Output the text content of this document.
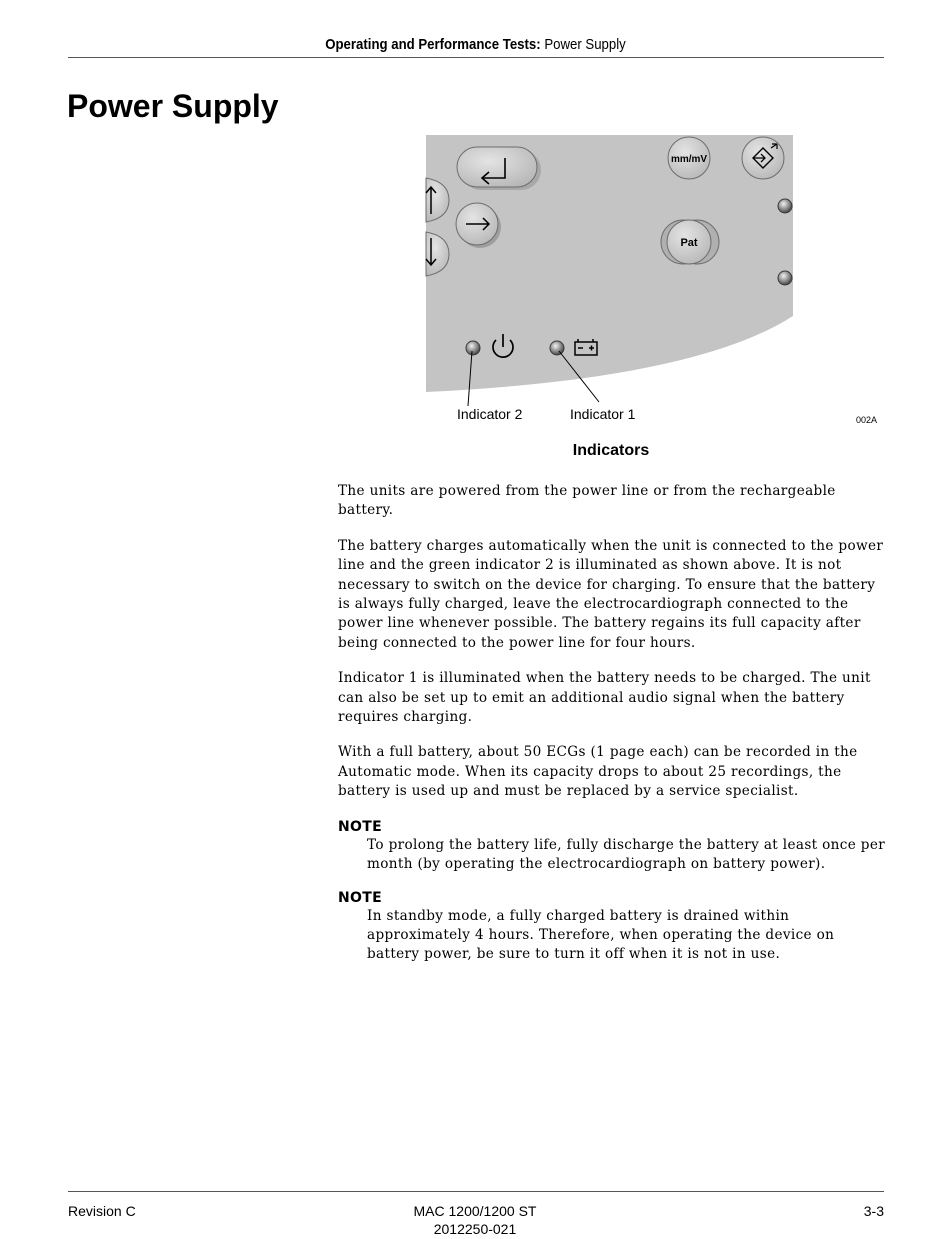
Operating and Performance Tests: Power Supply
Power Supply
mm/mV
Pat
Indicator 2	Indicator 1	002A
Indicators

The units are powered from the power line or from the rechargeable battery.

The battery charges automatically when the unit is connected to the power line and the green indicator 2 is illuminated as shown above. It is not necessary to switch on the device for charging. To ensure that the battery is always fully charged, leave the electrocardiograph connected to the power line whenever possible. The battery regains its full capacity after being connected to the power line for four hours.

Indicator 1 is illuminated when the battery needs to be charged. The unit can also be set up to emit an additional audio signal when the battery requires charging.

With a full battery, about 50 ECGs (1 page each) can be recorded in the Automatic mode. When its capacity drops to about 25 recordings, the battery is used up and must be replaced by a service specialist.

NOTE

To prolong the battery life, fully discharge the battery at least once per month (by operating the electrocardiograph on battery power).

NOTE

In standby mode, a fully charged battery is drained within approximately 4 hours. Therefore, when operating the device on battery power, be sure to turn it off when it is not in use.

Revision C	MAC 1200/1200 ST
2012250-021
3-3
